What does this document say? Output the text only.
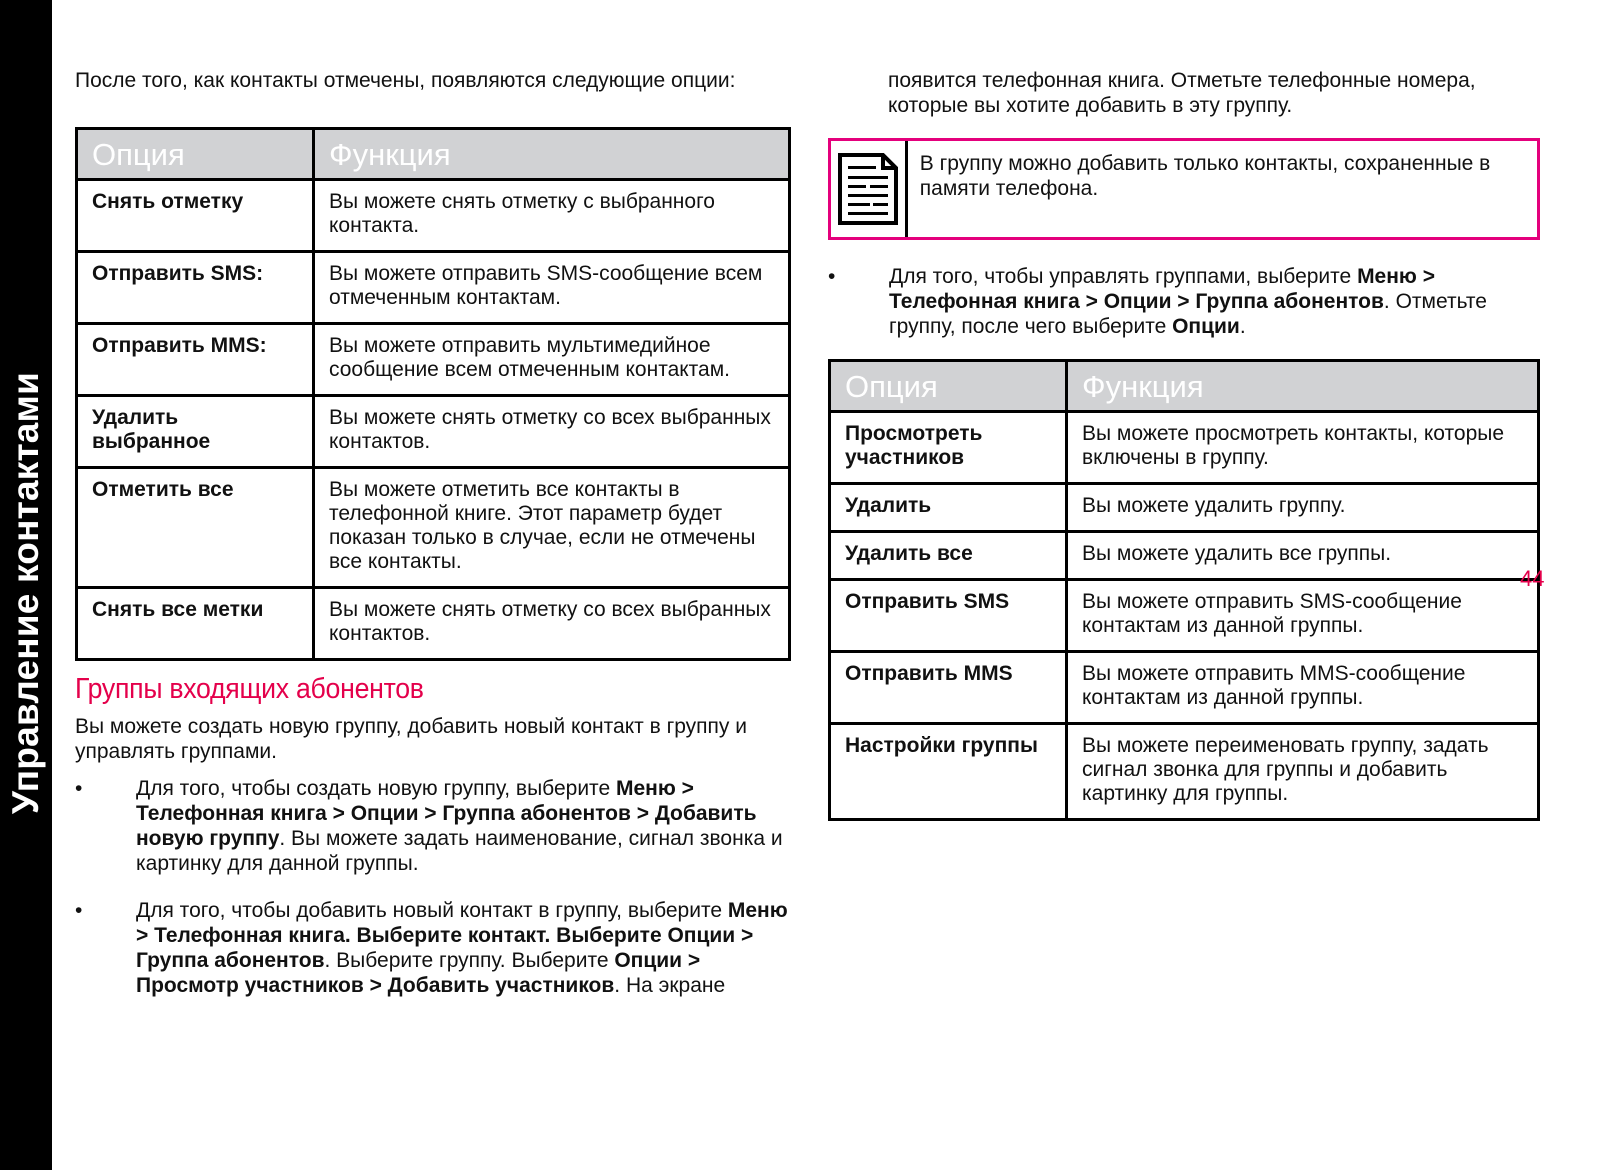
Управление контактами

После того, как контакты отмечены, появляются следующие опции:

Опция	Функция
Снять отметку	Вы можете снять отметку с выбранного контакта.
Отправить SMS:	Вы можете отправить SMS-сообщение всем отмеченным контактам.
Отправить MMS:	Вы можете отправить мультимедийное сообщение всем отмеченным контактам.
Удалить выбранное	Вы можете снять отметку со всех выбранных контактов.
Отметить все	Вы можете отметить все контакты в телефонной книге. Этот параметр будет показан только в случае, если не отмечены все контакты.
Снять все метки	Вы можете снять отметку со всех выбранных контактов.
Группы входящих абонентов

Вы можете создать новую группу, добавить новый контакт в группу и управлять группами.

•	Для того, чтобы создать новую группу, выберите Меню > Телефонная книга > Опции > Группа абонентов > Добавить новую группу. Вы можете задать наименование, сигнал звонка и картинку для данной группы.
•	Для того, чтобы добавить новый контакт в группу, выберите Меню > Телефонная книга. Выберите контакт. Выберите Опции > Группа абонентов. Выберите группу. Выберите Опции > Просмотр участников > Добавить участников. На экране

появится телефонная книга. Отметьте телефонные номера, которые вы хотите добавить в эту группу.

В группу можно добавить только контакты, сохраненные в памяти телефона.
•	Для того, чтобы управлять группами, выберите Меню > Телефонная книга > Опции > Группа абонентов. Отметьте группу, после чего выберите Опции.
Опция	Функция
Просмотреть участников	Вы можете просмотреть контакты, которые включены в группу.
Удалить	Вы можете удалить группу.
Удалить все	Вы можете удалить все группы.
Отправить SMS	Вы можете отправить SMS-сообщение контактам из данной группы.
Отправить MMS	Вы можете отправить MMS-сообщение контактам из данной группы.
Настройки группы	Вы можете переименовать группу, задать сигнал звонка для группы и добавить картинку для группы.
44
